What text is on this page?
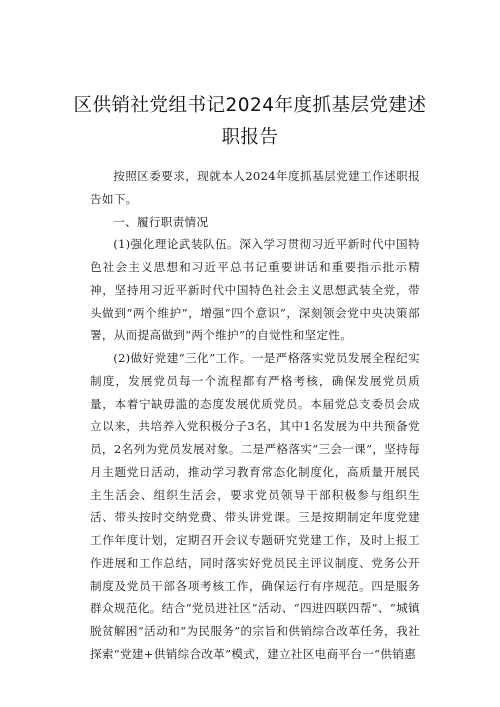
区供销社党组书记2024年度抓基层党建述职报告

按照区委要求，现就本人2024年度抓基层党建工作述职报告如下。

一、履行职责情况

(1)强化理论武装队伍。深入学习贯彻习近平新时代中国特色社会主义思想和习近平总书记重要讲话和重要指示批示精神，坚持用习近平新时代中国特色社会主义思想武装全党，带头做到“两个维护”，增强“四个意识”，深刻领会党中央决策部署，从而提高做到“两个维护”的自觉性和坚定性。

(2)做好党建“三化”工作。一是严格落实党员发展全程纪实制度，发展党员每一个流程都有严格考核，确保发展党员质量，本着宁缺毋滥的态度发展优质党员。本届党总支委员会成立以来，共培养入党积极分子3名，其中1名发展为中共预备党员，2名列为党员发展对象。二是严格落实“三会一课”，坚持每月主题党日活动，推动学习教育常态化制度化，高质量开展民主生活会、组织生活会，要求党员领导干部积极参与组织生活、带头按时交纳党费、带头讲党课。三是按期制定年度党建工作年度计划，定期召开会议专题研究党建工作，及时上报工作进展和工作总结，同时落实好党员民主评议制度、党务公开制度及党员干部各项考核工作，确保运行有序规范。四是服务群众规范化。结合“党员进社区”活动、“四进四联四帮”、“城镇脱贫解困”活动和“为民服务”的宗旨和供销综合改革任务，我社探索“党建+供销综合改革”模式，建立社区电商平台一“供销惠
